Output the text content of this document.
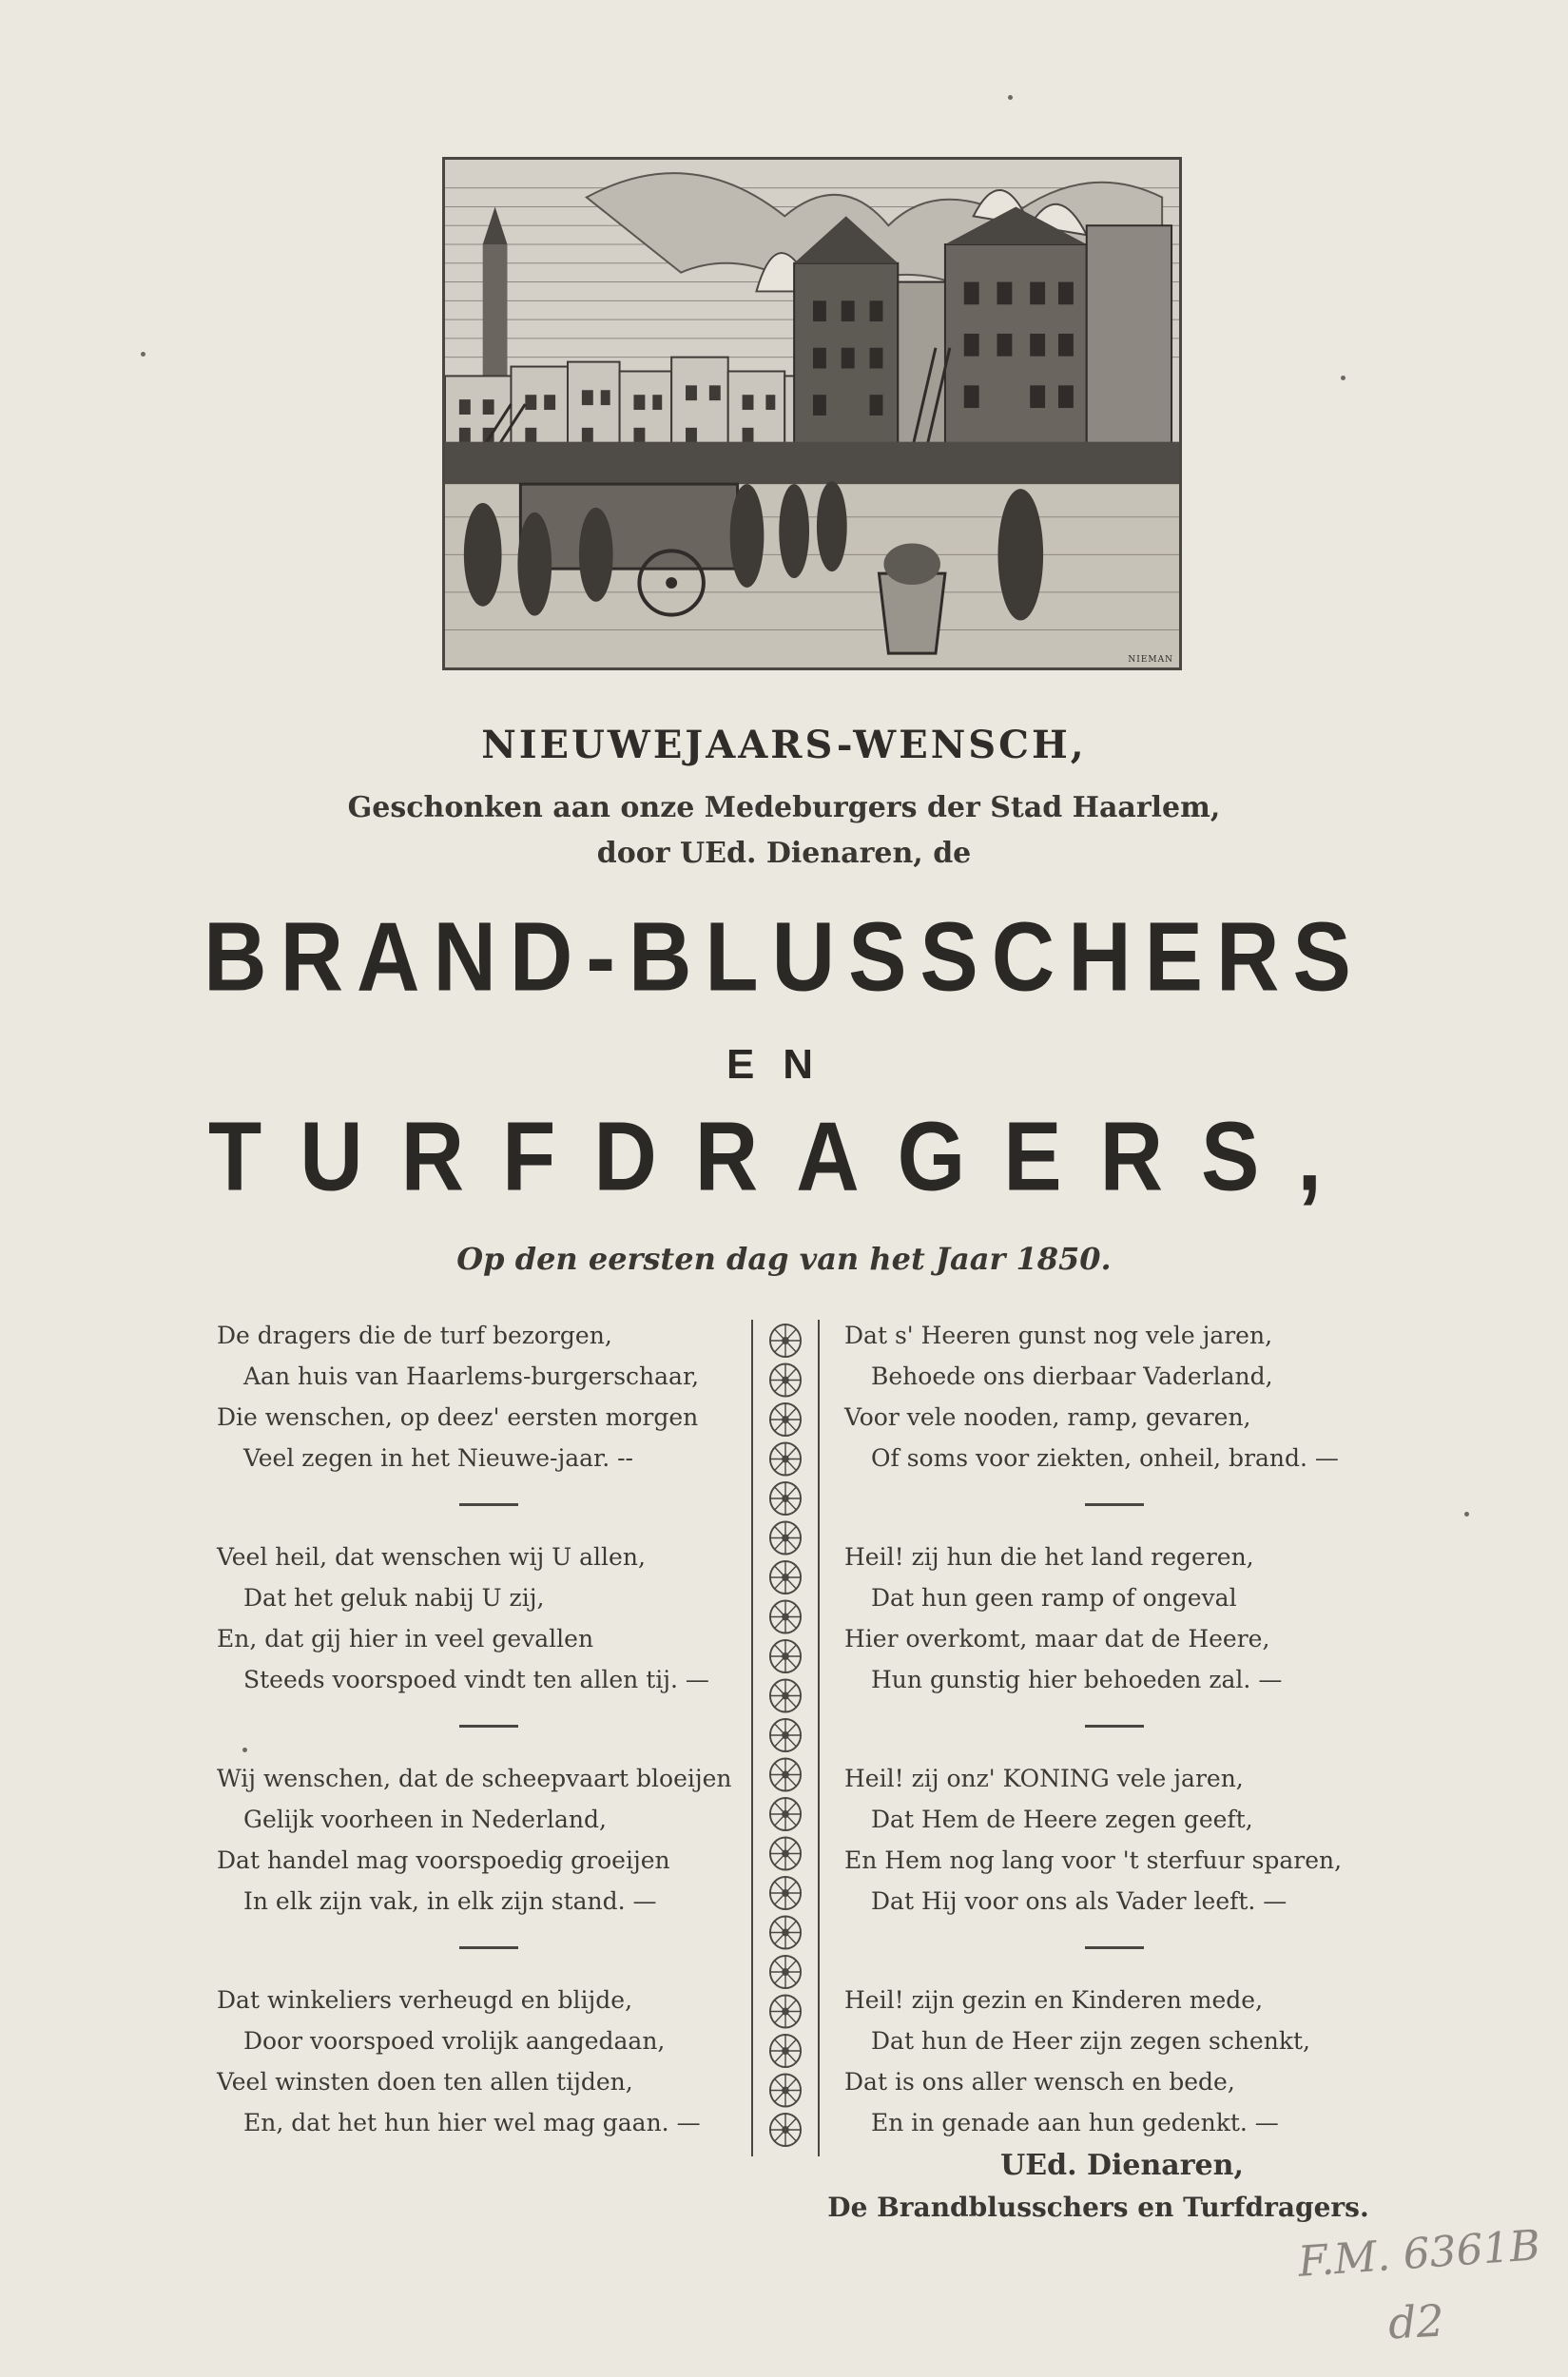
NIEMAN
NIEUWEJAARS-WENSCH,
Geschonken aan onze Medeburgers der Stad Haarlem,
door UEd. Dienaren, de
BRAND-BLUSSCHERS
EN
TURFDRAGERS,
Op den eersten dag van het Jaar 1850.
De dragers die de turf bezorgen,
Aan huis van Haarlems-burgerschaar,
Die wenschen, op deez' eersten morgen
Veel zegen in het Nieuwe-jaar. --
Veel heil, dat wenschen wij U allen,
Dat het geluk nabij U zij,
En, dat gij hier in veel gevallen
Steeds voorspoed vindt ten allen tij. —
Wij wenschen, dat de scheepvaart bloeijen
Gelijk voorheen in Nederland,
Dat handel mag voorspoedig groeijen
In elk zijn vak, in elk zijn stand. —
Dat winkeliers verheugd en blijde,
Door voorspoed vrolijk aangedaan,
Veel winsten doen ten allen tijden,
En, dat het hun hier wel mag gaan. —
Dat s' Heeren gunst nog vele jaren,
Behoede ons dierbaar Vaderland,
Voor vele nooden, ramp, gevaren,
Of soms voor ziekten, onheil, brand. —
Heil! zij hun die het land regeren,
Dat hun geen ramp of ongeval
Hier overkomt, maar dat de Heere,
Hun gunstig hier behoeden zal. —
Heil! zij onz' KONING vele jaren,
Dat Hem de Heere zegen geeft,
En Hem nog lang voor 't sterfuur sparen,
Dat Hij voor ons als Vader leeft. —
Heil! zijn gezin en Kinderen mede,
Dat hun de Heer zijn zegen schenkt,
Dat is ons aller wensch en bede,
En in genade aan hun gedenkt. —
UEd. Dienaren,
De Brandblusschers en Turfdragers.
F.M. 6361B
d2
